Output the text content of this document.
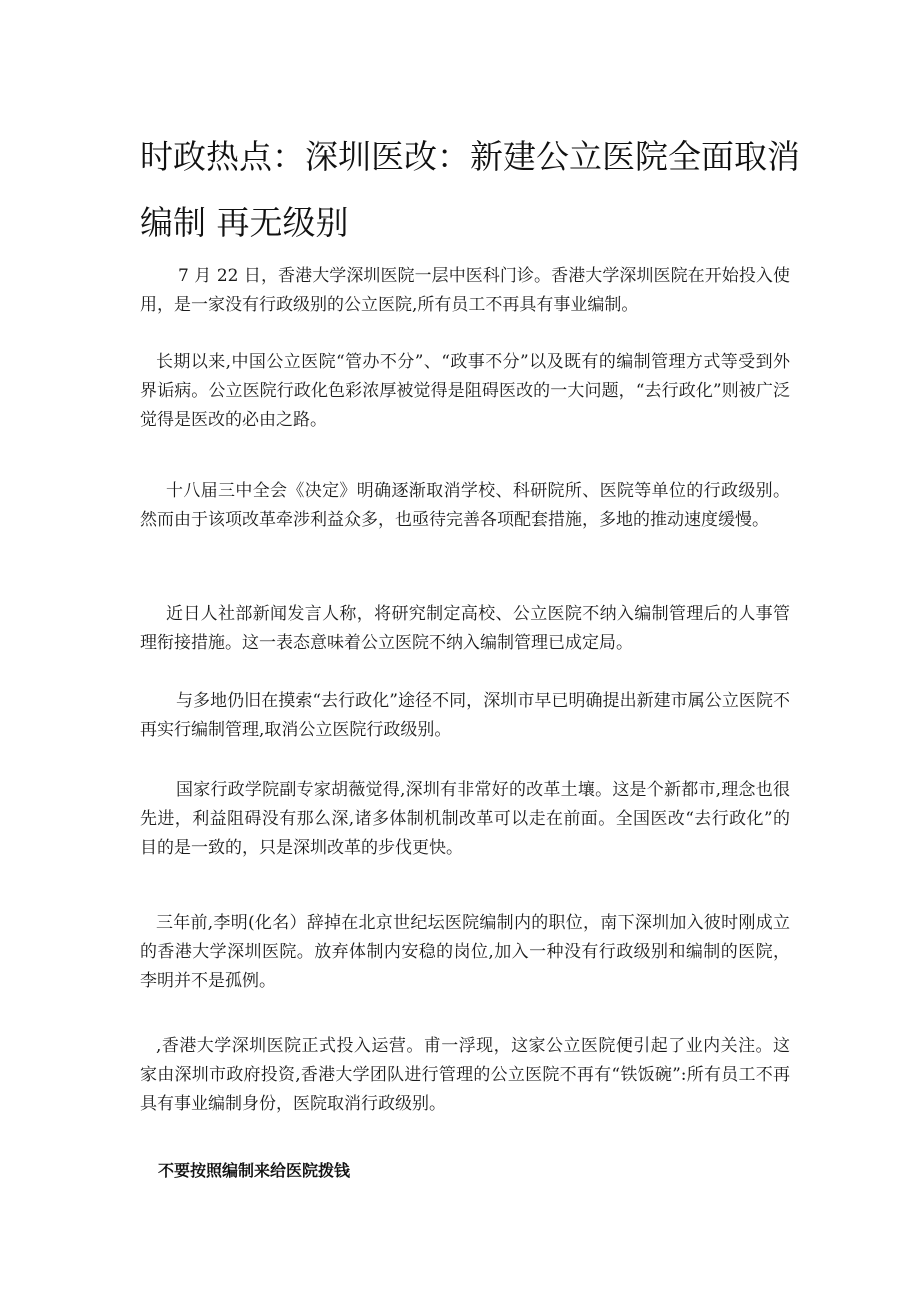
时政热点：深圳医改：新建公立医院全面取消编制 再无级别

7 月 22 日，香港大学深圳医院一层中医科门诊。香港大学深圳医院在开始投入使用，是一家没有行政级别的公立医院,所有员工不再具有事业编制。

长期以来,中国公立医院“管办不分”、“政事不分”以及既有的编制管理方式等受到外界诟病。公立医院行政化色彩浓厚被觉得是阻碍医改的一大问题，“去行政化”则被广泛觉得是医改的必由之路。

十八届三中全会《决定》明确逐渐取消学校、科研院所、医院等单位的行政级别。然而由于该项改革牵涉利益众多，也亟待完善各项配套措施，多地的推动速度缓慢。

近日人社部新闻发言人称，将研究制定高校、公立医院不纳入编制管理后的人事管理衔接措施。这一表态意味着公立医院不纳入编制管理已成定局。

与多地仍旧在摸索“去行政化”途径不同，深圳市早已明确提出新建市属公立医院不再实行编制管理,取消公立医院行政级别。

国家行政学院副专家胡薇觉得,深圳有非常好的改革土壤。这是个新都市,理念也很先进，利益阻碍没有那么深,诸多体制机制改革可以走在前面。全国医改“去行政化”的目的是一致的，只是深圳改革的步伐更快。

三年前,李明(化名）辞掉在北京世纪坛医院编制内的职位，南下深圳加入彼时刚成立的香港大学深圳医院。放弃体制内安稳的岗位,加入一种没有行政级别和编制的医院，李明并不是孤例。

,香港大学深圳医院正式投入运营。甫一浮现，这家公立医院便引起了业内关注。这家由深圳市政府投资,香港大学团队进行管理的公立医院不再有“铁饭碗”:所有员工不再具有事业编制身份，医院取消行政级别。

不要按照编制来给医院拨钱
